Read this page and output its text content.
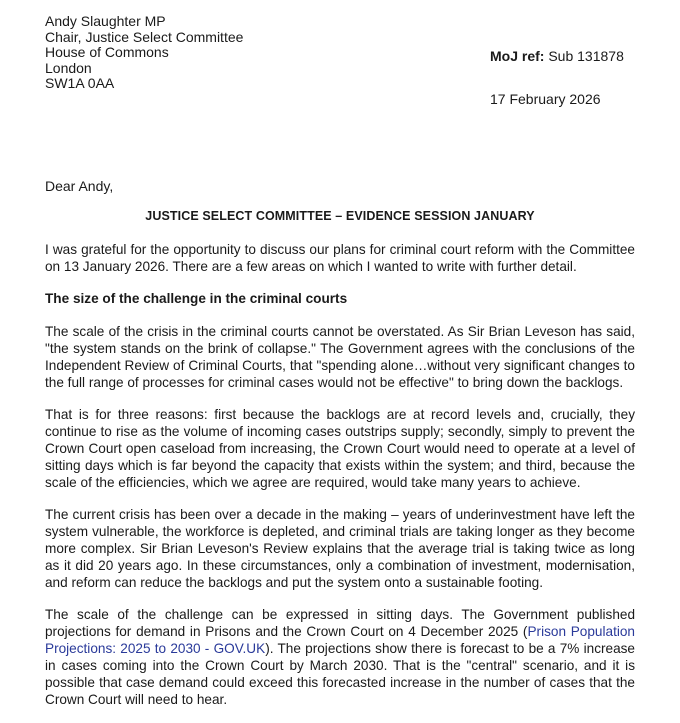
Andy Slaughter MP
Chair, Justice Select Committee
House of Commons
London
SW1A 0AA
MoJ ref: Sub 131878
17 February 2026
Dear Andy,
JUSTICE SELECT COMMITTEE – EVIDENCE SESSION JANUARY

I was grateful for the opportunity to discuss our plans for criminal court reform with the Committee on 13 January 2026. There are a few areas on which I wanted to write with further detail.

The size of the challenge in the criminal courts

The scale of the crisis in the criminal courts cannot be overstated. As Sir Brian Leveson has said, "the system stands on the brink of collapse." The Government agrees with the conclusions of the Independent Review of Criminal Courts, that "spending alone…without very significant changes to the full range of processes for criminal cases would not be effective" to bring down the backlogs.

That is for three reasons: first because the backlogs are at record levels and, crucially, they continue to rise as the volume of incoming cases outstrips supply; secondly, simply to prevent the Crown Court open caseload from increasing, the Crown Court would need to operate at a level of sitting days which is far beyond the capacity that exists within the system; and third, because the scale of the efficiencies, which we agree are required, would take many years to achieve.

The current crisis has been over a decade in the making – years of underinvestment have left the system vulnerable, the workforce is depleted, and criminal trials are taking longer as they become more complex. Sir Brian Leveson's Review explains that the average trial is taking twice as long as it did 20 years ago. In these circumstances, only a combination of investment, modernisation, and reform can reduce the backlogs and put the system onto a sustainable footing.

The scale of the challenge can be expressed in sitting days. The Government published projections for demand in Prisons and the Crown Court on 4 December 2025 (Prison Population Projections: 2025 to 2030 - GOV.UK). The projections show there is forecast to be a 7% increase in cases coming into the Crown Court by March 2030. That is the "central" scenario, and it is possible that case demand could exceed this forecasted increase in the number of cases that the Crown Court will need to hear.
